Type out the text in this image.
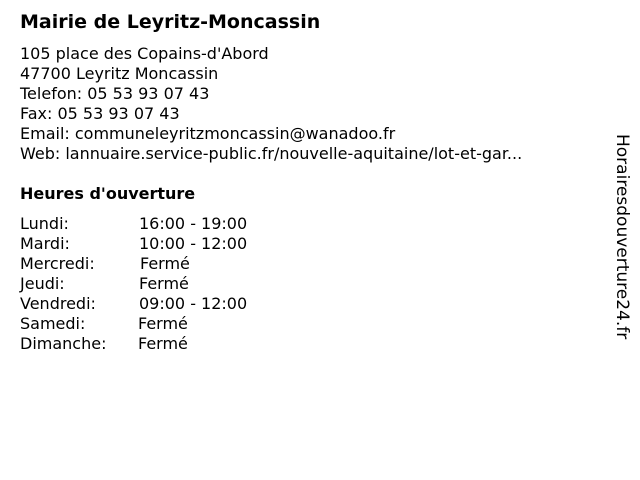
Mairie de Leyritz-Moncassin
105 place des Copains-d'Abord
47700 Leyritz Moncassin
Telefon: 05 53 93 07 43
Fax: 05 53 93 07 43
Email: communeleyritzmoncassin@wanadoo.fr
Web: lannuaire.service-public.fr/nouvelle-aquitaine/lot-et-gar...
Heures d'ouverture
Lundi:	16:00 - 19:00
Mardi:	10:00 - 12:00
Mercredi:	Fermé
Jeudi:	Fermé
Vendredi:	09:00 - 12:00
Samedi:	Fermé
Dimanche: Fermé
Horairesdouverture24.fr
